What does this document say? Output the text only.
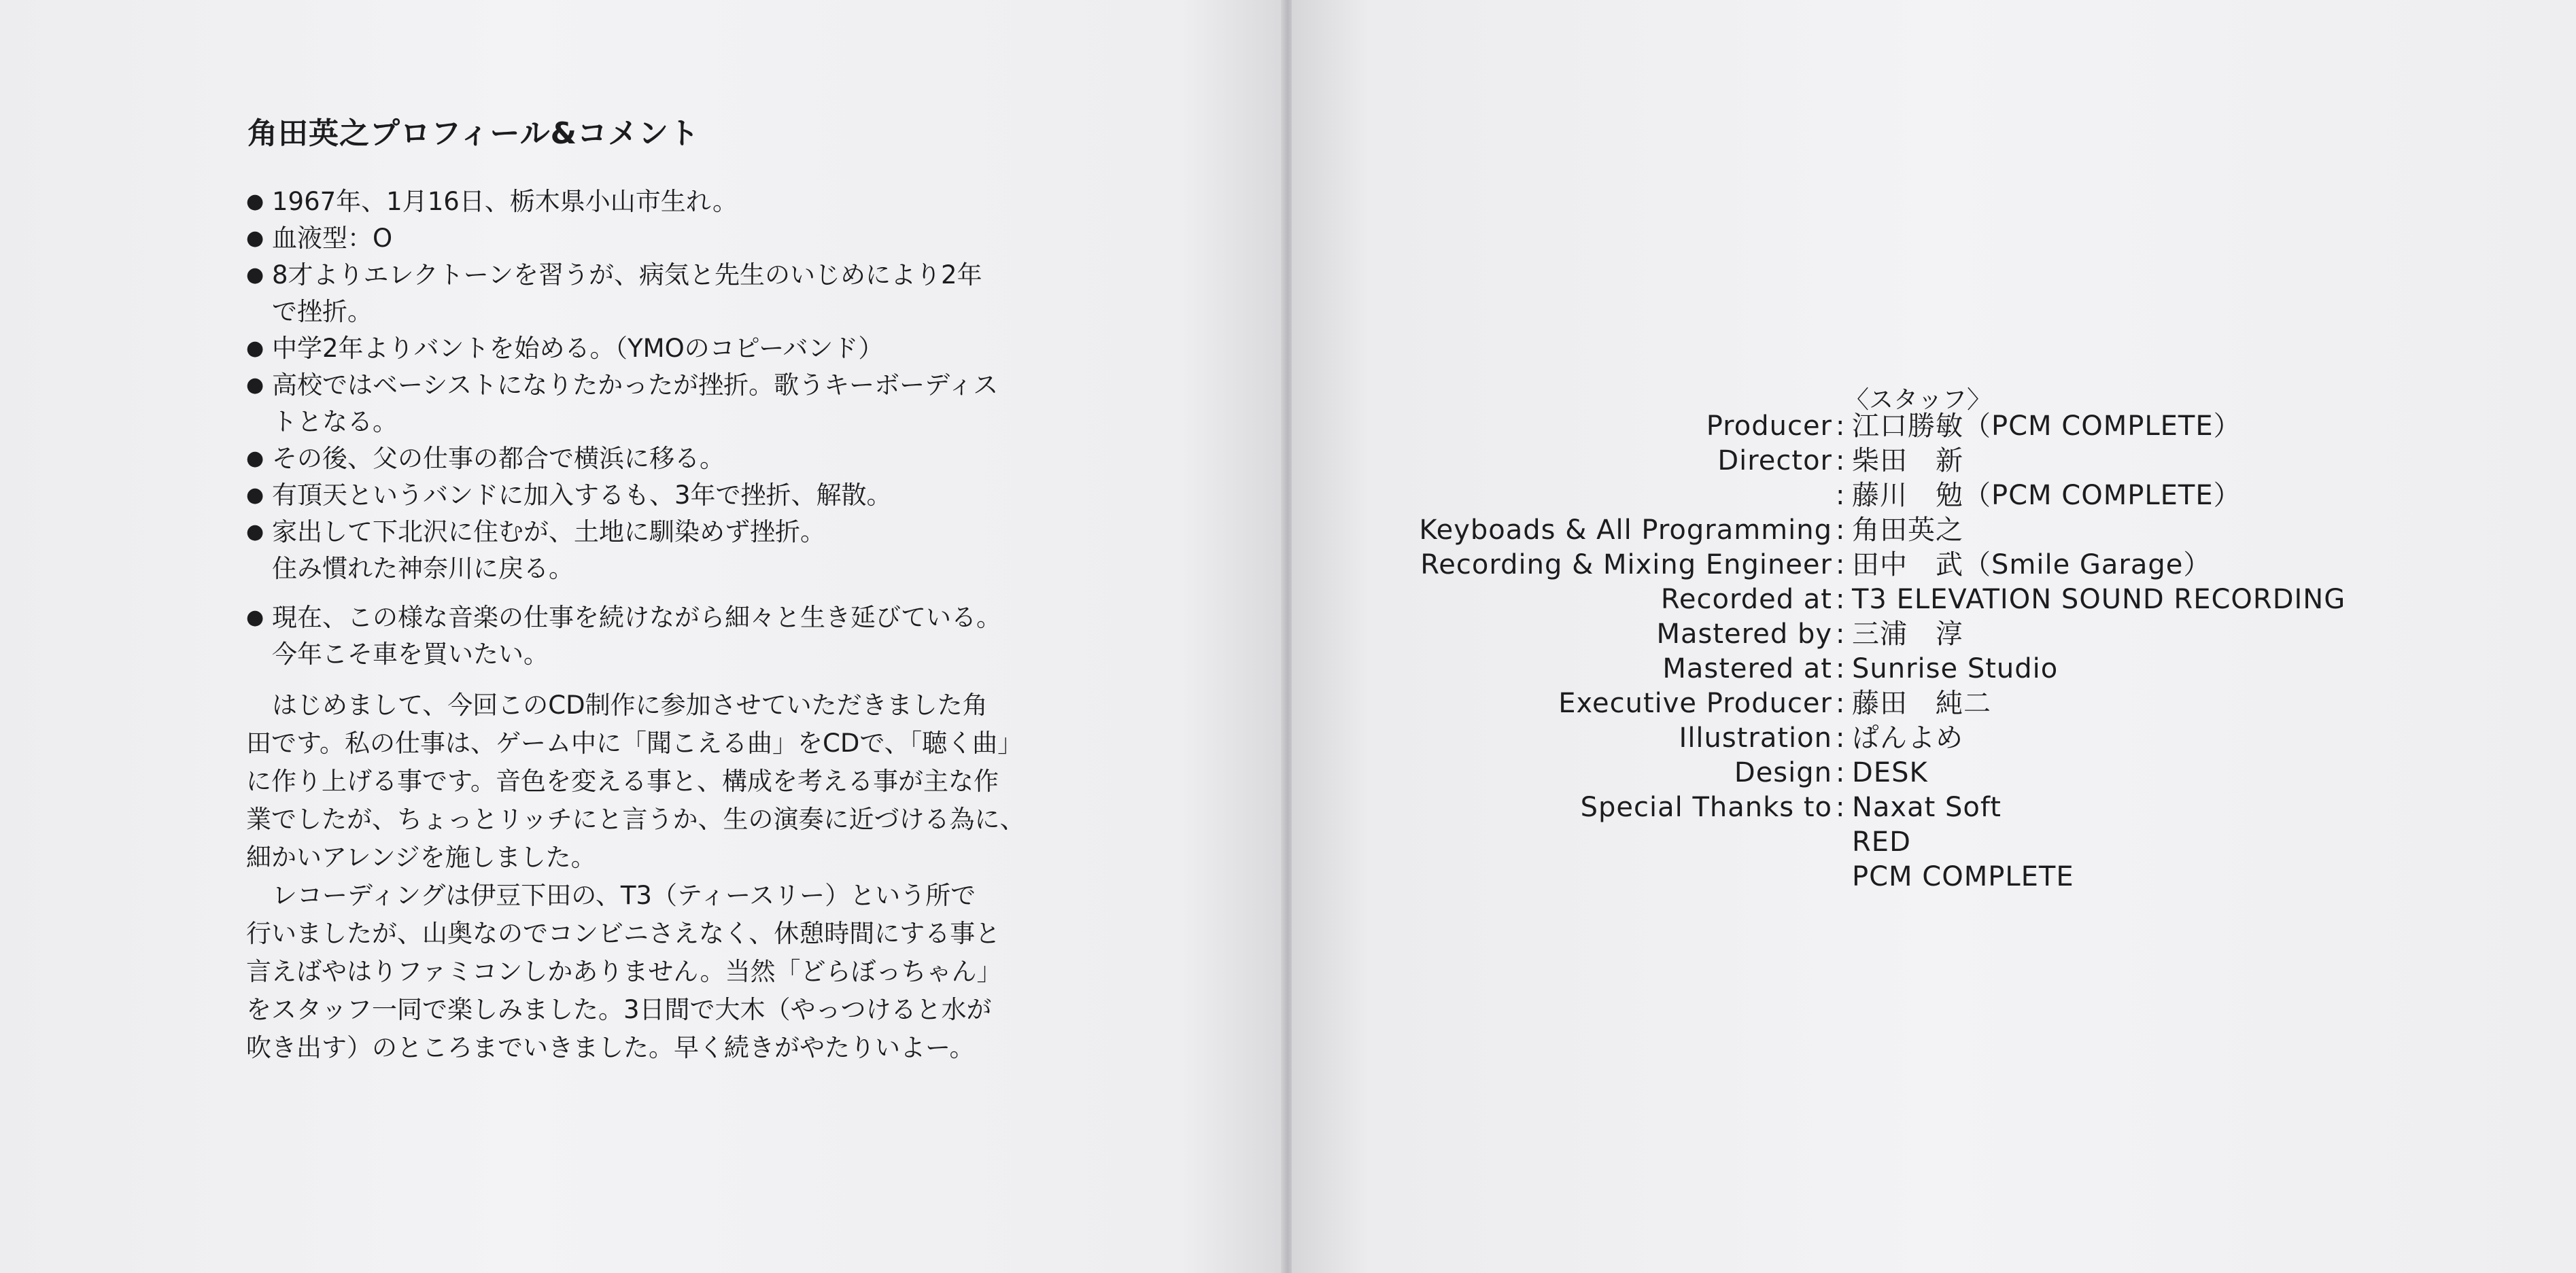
角田英之プロフィール&コメント
● 1967年、1月16日、栃木県小山市生れ。
● 血液型：O
● 8才よりエレクトーンを習うが、病気と先生のいじめにより2年
で挫折。
● 中学2年よりバントを始める。（YMOのコピーバンド）
● 高校ではベーシストになりたかったが挫折。歌うキーボーディス
トとなる。
● その後、父の仕事の都合で横浜に移る。
● 有頂天というバンドに加入するも、3年で挫折、解散。
● 家出して下北沢に住むが、土地に馴染めず挫折。
住み慣れた神奈川に戻る。
● 現在、この様な音楽の仕事を続けながら細々と生き延びている。
今年こそ車を買いたい。

はじめまして、今回このCD制作に参加させていただきました角
田です。私の仕事は、ゲーム中に「聞こえる曲」をCDで、「聴く曲」
に作り上げる事です。音色を変える事と、構成を考える事が主な作
業でしたが、ちょっとリッチにと言うか、生の演奏に近づける為に、
細かいアレンジを施しました。

レコーディングは伊豆下田の、T3（ティースリー）という所で
行いましたが、山奥なのでコンビニさえなく、休憩時間にする事と
言えばやはりファミコンしかありません。当然「どらぼっちゃん」
をスタッフ一同で楽しみました。3日間で大木（やっつけると水が
吹き出す）のところまでいきました。早く続きがやたりいよー。

〈スタッフ〉
Producer : 江口勝敏（PCM COMPLETE）
Director : 柴田　新
: 藤川　勉（PCM COMPLETE）
Keyboads & All Programming : 角田英之
Recording & Mixing Engineer : 田中　武（Smile Garage）
Recorded at : T3 ELEVATION SOUND RECORDING
Mastered by : 三浦　淳
Mastered at : Sunrise Studio
Executive Producer : 藤田　純二
Illustration : ぱんよめ
Design : DESK
Special Thanks to : Naxat Soft
RED
PCM COMPLETE
